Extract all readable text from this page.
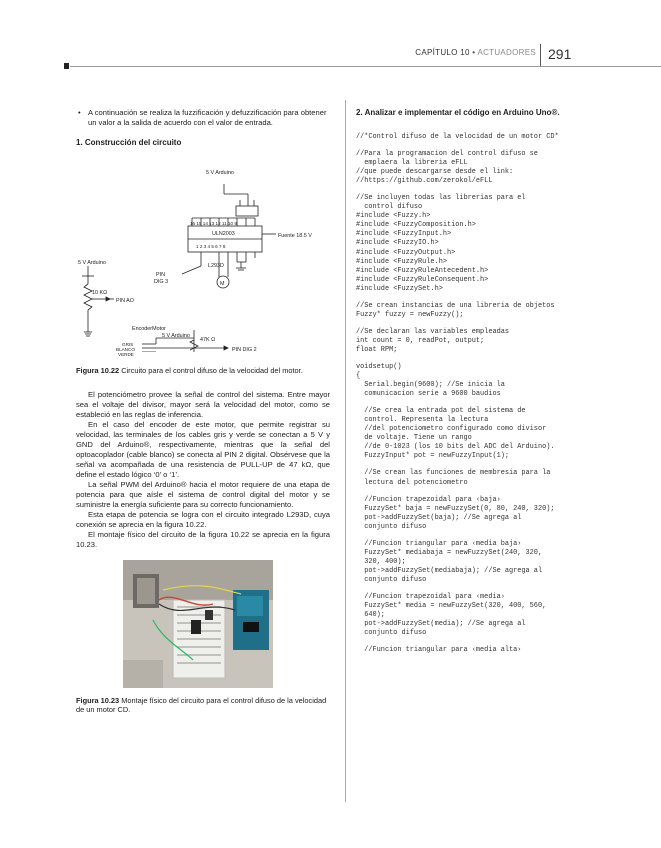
CAPÍTULO 10 • ACTUADORES 291

• A continuación se realiza la fuzzificación y defuzzificación para obtener un valor a la salida de acuerdo con el valor de entrada.

1. Construcción del circuito

5 V Arduino
5 V Arduino
16 15 14 13 12 11 10 9
ULN2003
1 2 3 4 5 6 7 8
Fuente 18.5 V
10 KΩ
PIN AO
PIN
DIG 3
L293D
M
EncoderMotor
5 V Arduino
47K Ω
GRIS
BLANCO
VERDE
PIN DIG 2

Figura 10.22 Circuito para el control difuso de la velocidad del motor.

El potenciómetro provee la señal de control del sistema. Entre mayor sea el voltaje del divisor, mayor será la velocidad del motor, como se estableció en las reglas de inferencia.

En el caso del encoder de este motor, que permite registrar su velocidad, las terminales de los cables gris y verde se conectan a 5 V y GND del Arduino®, respectivamente, mientras que la señal del optoacoplador (cable blanco) se conecta al PIN 2 digital. Obsérvese que la señal va acompañada de una resistencia de PULL-UP de 47 kΩ, que define el estado lógico ‘0’ o ‘1’.

La señal PWM del Arduino® hacia el motor requiere de una etapa de potencia para que aísle el sistema de control digital del motor y se suministre la energía suficiente para su correcto funcionamiento.

Esta etapa de potencia se logra con el circuito integrado L293D, cuya conexión se aprecia en la figura 10.22.

El montaje físico del circuito de la figura 10.22 se aprecia en la figura 10.23.

Figura 10.23 Montaje físico del circuito para el control difuso de la velocidad de un motor CD.

2. Analizar e implementar el código en Arduino Uno®.

//*Control difuso de la velocidad de un motor CD*
//Para la programacion del control difuso se
emplaera la libreria eFLL
//que puede descargarse desde el link:
//https://github.com/zerokol/eFLL
//Se incluyen todas las librerias para el
control difuso
#include <Fuzzy.h>
#include <FuzzyComposition.h>
#include <FuzzyInput.h>
#include <FuzzyIO.h>
#include <FuzzyOutput.h>
#include <FuzzyRule.h>
#include <FuzzyRuleAntecedent.h>
#include <FuzzyRuleConsequent.h>
#include <FuzzySet.h>
//Se crean instancias de una libreria de objetos
Fuzzy* fuzzy = newFuzzy();
//Se declaran las variables empleadas
int count = 0, readPot, output;
float RPM;
voidsetup()
{
Serial.begin(9600); //Se inicia la
comunicacion serie a 9600 baudios
//Se crea la entrada pot del sistema de
control. Representa la lectura
//del potenciometro configurado como divisor
de voltaje. Tiene un rango
//de 0-1023 (los 10 bits del ADC del Arduino).
FuzzyInput* pot = newFuzzyInput(1);
//Se crean las funciones de membresia para la
lectura del potenciometro
//Funcion trapezoidal para ‹baja›
FuzzySet* baja = newFuzzySet(0, 80, 240, 320);
pot->addFuzzySet(baja); //Se agrega al
conjunto difuso
//Funcion triangular para ‹media baja›
FuzzySet* mediabaja = newFuzzySet(240, 320,
320, 400);
pot->addFuzzySet(mediabaja); //Se agrega al
conjunto difuso
//Funcion trapezoidal para ‹media›
FuzzySet* media = newFuzzySet(320, 400, 560,
640);
pot->addFuzzySet(media); //Se agrega al
conjunto difuso
//Funcion triangular para ‹media alta›
